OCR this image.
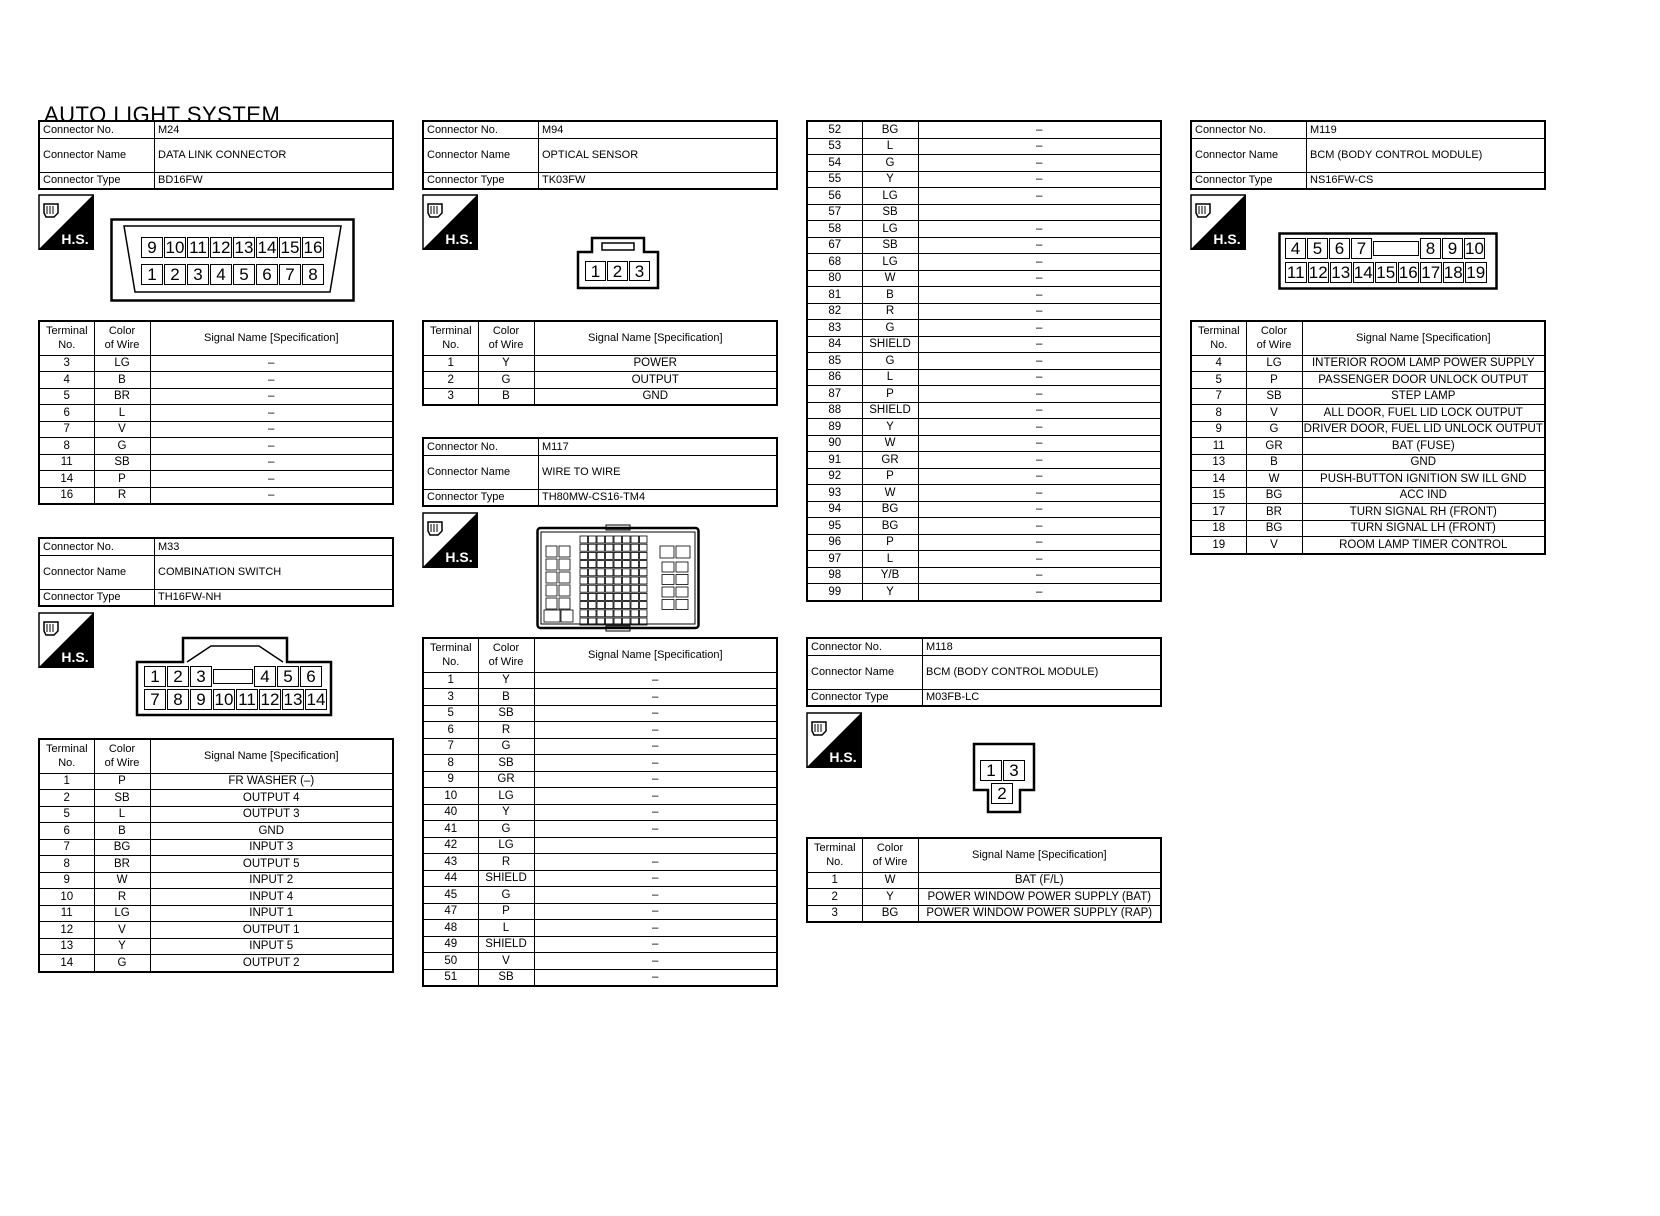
AUTO LIGHT SYSTEM
Connector No.	M24
Connector Name	DATA LINK CONNECTOR
Connector Type	BD16FW
H.S.	9 10 11 12 13 14 15 16
1 2 3 4 5 6 7 8
Terminal
No.	Color
of Wire	Signal Name [Specification]
3	LG	–
4	B	–
5	BR	–
6	L	–
7	V	–
8	G	–
11	SB	–
14	P	–
16	R	–
Connector No.	M33
Connector Name	COMBINATION SWITCH
Connector Type	TH16FW-NH
H.S.
1 2 3	4 5 6
7 8 9 10 11 12 13 14
Terminal
No.	Color
of Wire	Signal Name [Specification]
1	P	FR WASHER (–)
2	SB	OUTPUT 4
5	L	OUTPUT 3
6	B	GND
7	BG	INPUT 3
8	BR	OUTPUT 5
9	W	INPUT 2
10	R	INPUT 4
11	LG	INPUT 1
12	V	OUTPUT 1
13	Y	INPUT 5
14	G	OUTPUT 2
Connector No.	M94
Connector Name	OPTICAL SENSOR
Connector Type	TK03FW
H.S.
1 2 3
Terminal
No.	Color
of Wire	Signal Name [Specification]
1	Y	POWER
2	G	OUTPUT
3	B	GND
Connector No.	M117
Connector Name	WIRE TO WIRE
Connector Type	TH80MW-CS16-TM4
H.S.
Terminal
No.	Color
of Wire	Signal Name [Specification]
1	Y	–
3	B	–
5	SB	–
6	R	–
7	G	–
8	SB	–
9	GR	–
10	LG	–
40	Y	–
41	G	–
42	LG	
43	R	–
44	SHIELD	–
45	G	–
47	P	–
48	L	–
49	SHIELD	–
50	V	–
51	SB	–
52	BG	–
53	L	–
54	G	–
55	Y	–
56	LG	–
57	SB	
58	LG	–
67	SB	–
68	LG	–
80	W	–
81	B	–
82	R	–
83	G	–
84	SHIELD	–
85	G	–
86	L	–
87	P	–
88	SHIELD	–
89	Y	–
90	W	–
91	GR	–
92	P	–
93	W	–
94	BG	–
95	BG	–
96	P	–
97	L	–
98	Y/B	–
99	Y	–
Connector No.	M118
Connector Name	BCM (BODY CONTROL MODULE)
Connector Type	M03FB-LC
H.S.
1 3
2
Terminal
No.	Color
of Wire	Signal Name [Specification]
1	W	BAT (F/L)
2	Y	POWER WINDOW POWER SUPPLY (BAT)
3	BG	POWER WINDOW POWER SUPPLY (RAP)
Connector No.	M119
Connector Name	BCM (BODY CONTROL MODULE)
Connector Type	NS16FW-CS
H.S.	4 5 6 7	8 9 10
11 12 13 14 15 16 17 18 19
Terminal
No.	Color
of Wire	Signal Name [Specification]
4	LG	INTERIOR ROOM LAMP POWER SUPPLY
5	P	PASSENGER DOOR UNLOCK OUTPUT
7	SB	STEP LAMP
8	V	ALL DOOR, FUEL LID LOCK OUTPUT
9	G	DRIVER DOOR, FUEL LID UNLOCK OUTPUT
11	GR	BAT (FUSE)
13	B	GND
14	W	PUSH-BUTTON IGNITION SW ILL GND
15	BG	ACC IND
17	BR	TURN SIGNAL RH (FRONT)
18	BG	TURN SIGNAL LH (FRONT)
19	V	ROOM LAMP TIMER CONTROL
